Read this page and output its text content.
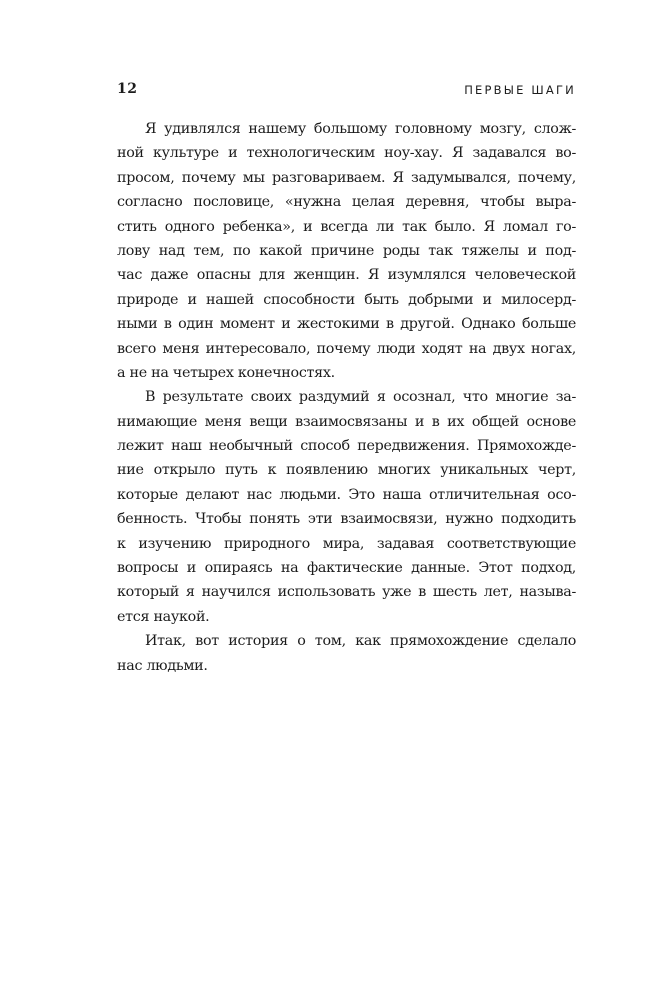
12	ПЕРВЫЕ ШАГИ

Я удивлялся нашему большому головному мозгу, слож-
ной культуре и технологическим ноу-хау. Я задавался во-
просом, почему мы разговариваем. Я задумывался, почему,
согласно пословице, «нужна целая деревня, чтобы выра-
стить одного ребенка», и всегда ли так было. Я ломал го-
лову над тем, по какой причине роды так тяжелы и под-
час даже опасны для женщин. Я изумлялся человеческой
природе и нашей способности быть добрыми и милосерд-
ными в один момент и жестокими в другой. Однако больше
всего меня интересовало, почему люди ходят на двух ногах,
а не на четырех конечностях.

В результате своих раздумий я осознал, что многие за-
нимающие меня вещи взаимосвязаны и в их общей основе
лежит наш необычный способ передвижения. Прямохожде-
ние открыло путь к появлению многих уникальных черт,
которые делают нас людьми. Это наша отличительная осо-
бенность. Чтобы понять эти взаимосвязи, нужно подходить
к изучению природного мира, задавая соответствующие
вопросы и опираясь на фактические данные. Этот подход,
который я научился использовать уже в шесть лет, называ-
ется наукой.

Итак, вот история о том, как прямохождение сделало
нас людьми.
